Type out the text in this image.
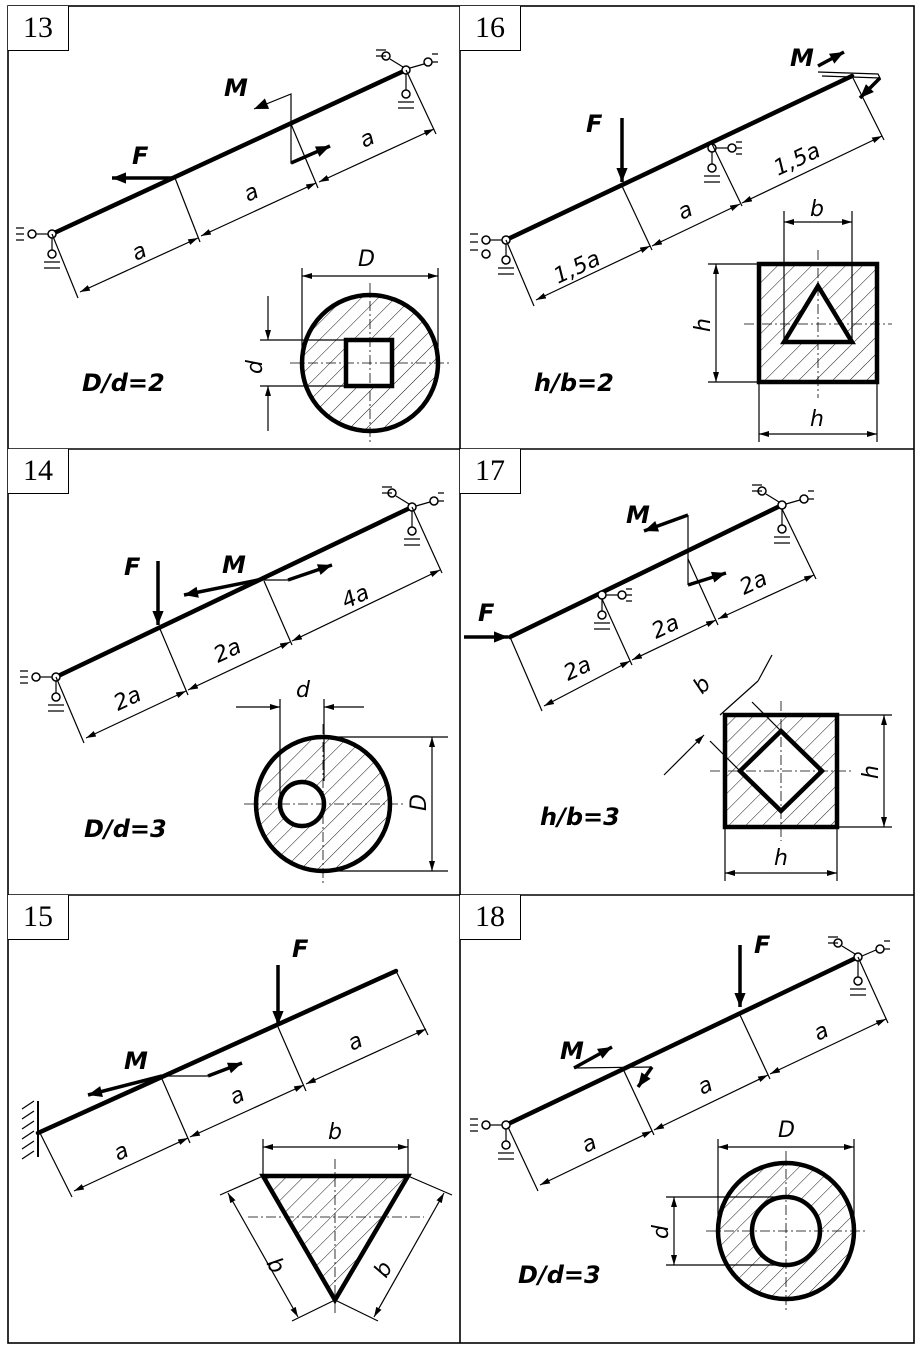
13
F
M
a
a
a
D
d
D/d=2
16
F
M
1,5a
a
1,5a
b
h
h
h/b=2
14
F	M
2a
2a
4a
d
D
D/d=3
17
F
M
2a
2a
2a
h
h
b
h/b=3
15
F
M
a
a
a
b
b	b
18
F
M
a
a
a
D
d
D/d=3
